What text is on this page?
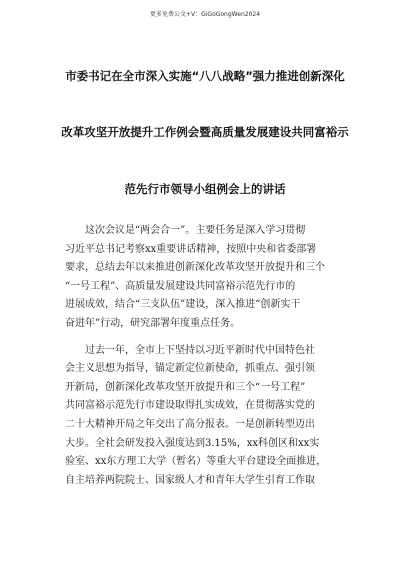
更多免费公文+V：GiGoGongWen2024
市委书记在全市深入实施“八八战略”强力推进创新深化
改革攻坚开放提升工作例会暨高质量发展建设共同富裕示
范先行市领导小组例会上的讲话
这次会议是“两会合一”。主要任务是深入学习贯彻
习近平总书记考察xx重要讲话精神，按照中央和省委部署
要求，总结去年以来推进创新深化改革攻坚开放提升和三个
“一号工程”、高质量发展建设共同富裕示范先行市的
进展成效，结合“三支队伍”建设，深入推进“创新实干
奋进年”行动，研究部署年度重点任务。
过去一年，全市上下坚持以习近平新时代中国特色社
会主义思想为指导，锚定新定位新使命，抓重点、强引领
开新局，创新深化改革攻坚开放提升和三个“一号工程”
共同富裕示范先行市建设取得扎实成效，在贯彻落实党的
二十大精神开局之年交出了高分报表。一是创新转型迈出
大步。全社会研发投入强度达到3.15%，xx科创区和xx实
验室、xx东方理工大学（暂名）等重大平台建设全面推进，
自主培养两院院士、国家级人才和青年大学生引育工作取
